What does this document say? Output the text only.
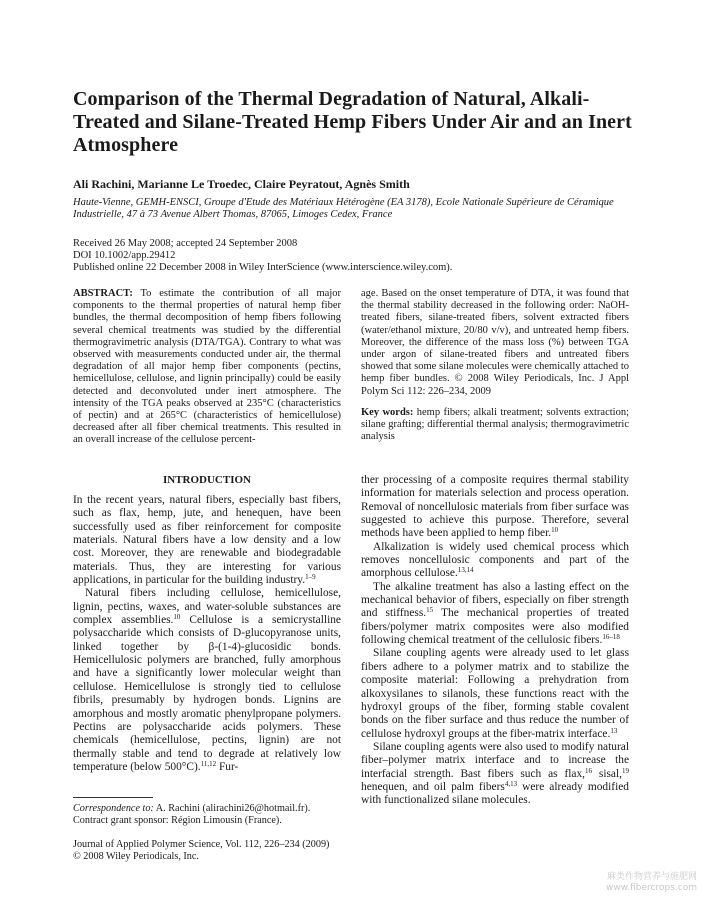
Comparison of the Thermal Degradation of Natural, Alkali-Treated and Silane-Treated Hemp Fibers Under Air and an Inert Atmosphere
Ali Rachini, Marianne Le Troedec, Claire Peyratout, Agnès Smith
Haute-Vienne, GEMH-ENSCI, Groupe d'Etude des Matériaux Hétérogène (EA 3178), Ecole Nationale Supérieure de Céramique Industrielle, 47 à 73 Avenue Albert Thomas, 87065, Limoges Cedex, France
Received 26 May 2008; accepted 24 September 2008
DOI 10.1002/app.29412
Published online 22 December 2008 in Wiley InterScience (www.interscience.wiley.com).

ABSTRACT: To estimate the contribution of all major components to the thermal properties of natural hemp fiber bundles, the thermal decomposition of hemp fibers following several chemical treatments was studied by the differential thermogravimetric analysis (DTA/TGA). Contrary to what was observed with measurements conducted under air, the thermal degradation of all major hemp fiber components (pectins, hemicellulose, cellulose, and lignin principally) could be easily detected and deconvoluted under inert atmosphere. The intensity of the TGA peaks observed at 235°C (characteristics of pectin) and at 265°C (characteristics of hemicellulose) decreased after all fiber chemical treatments. This resulted in an overall increase of the cellulose percent-

age. Based on the onset temperature of DTA, it was found that the thermal stability decreased in the following order: NaOH-treated fibers, silane-treated fibers, solvent extracted fibers (water/ethanol mixture, 20/80 v/v), and untreated hemp fibers. Moreover, the difference of the mass loss (%) between TGA under argon of silane-treated fibers and untreated fibers showed that some silane molecules were chemically attached to hemp fiber bundles. © 2008 Wiley Periodicals, Inc. J Appl Polym Sci 112: 226–234, 2009

Key words: hemp fibers; alkali treatment; solvents extraction; silane grafting; differential thermal analysis; thermogravimetric analysis

INTRODUCTION

In the recent years, natural fibers, especially bast fibers, such as flax, hemp, jute, and henequen, have been successfully used as fiber reinforcement for composite materials. Natural fibers have a low density and a low cost. Moreover, they are renewable and biodegradable materials. Thus, they are interesting for various applications, in particular for the building industry.$^{1-9}$

Natural fibers including cellulose, hemicellulose, lignin, pectins, waxes, and water-soluble substances are complex assemblies.$^{10}$ Cellulose is a semicrystalline polysaccharide which consists of D-glucopyranose units, linked together by β-(1-4)-glucosidic bonds. Hemicellulosic polymers are branched, fully amorphous and have a significantly lower molecular weight than cellulose. Hemicellulose is strongly tied to cellulose fibrils, presumably by hydrogen bonds. Lignins are amorphous and mostly aromatic phenylpropane polymers. Pectins are polysaccharide acids polymers. These chemicals (hemicellulose, pectins, lignin) are not thermally stable and tend to degrade at relatively low temperature (below 500°C).$^{11,12}$ Fur-

ther processing of a composite requires thermal stability information for materials selection and process operation. Removal of noncellulosic materials from fiber surface was suggested to achieve this purpose. Therefore, several methods have been applied to hemp fiber.$^{10}$

Alkalization is widely used chemical process which removes noncellulosic components and part of the amorphous cellulose.$^{13,14}$

The alkaline treatment has also a lasting effect on the mechanical behavior of fibers, especially on fiber strength and stiffness.$^{15}$ The mechanical properties of treated fibers/polymer matrix composites were also modified following chemical treatment of the cellulosic fibers.$^{16-18}$

Silane coupling agents were already used to let glass fibers adhere to a polymer matrix and to stabilize the composite material: Following a prehydration from alkoxysilanes to silanols, these functions react with the hydroxyl groups of the fiber, forming stable covalent bonds on the fiber surface and thus reduce the number of cellulose hydroxyl groups at the fiber-matrix interface.$^{13}$

Silane coupling agents were also used to modify natural fiber–polymer matrix interface and to increase the interfacial strength. Bast fibers such as flax,$^{16}$ sisal,$^{19}$ henequen, and oil palm fibers$^{4,13}$ were already modified with functionalized silane molecules.

Correspondence to: A. Rachini (alirachini26@hotmail.fr).
Contract grant sponsor: Région Limousin (France).
Journal of Applied Polymer Science, Vol. 112, 226–234 (2009)
© 2008 Wiley Periodicals, Inc.
麻类作物营养与施肥网
www.fibercrops.com
